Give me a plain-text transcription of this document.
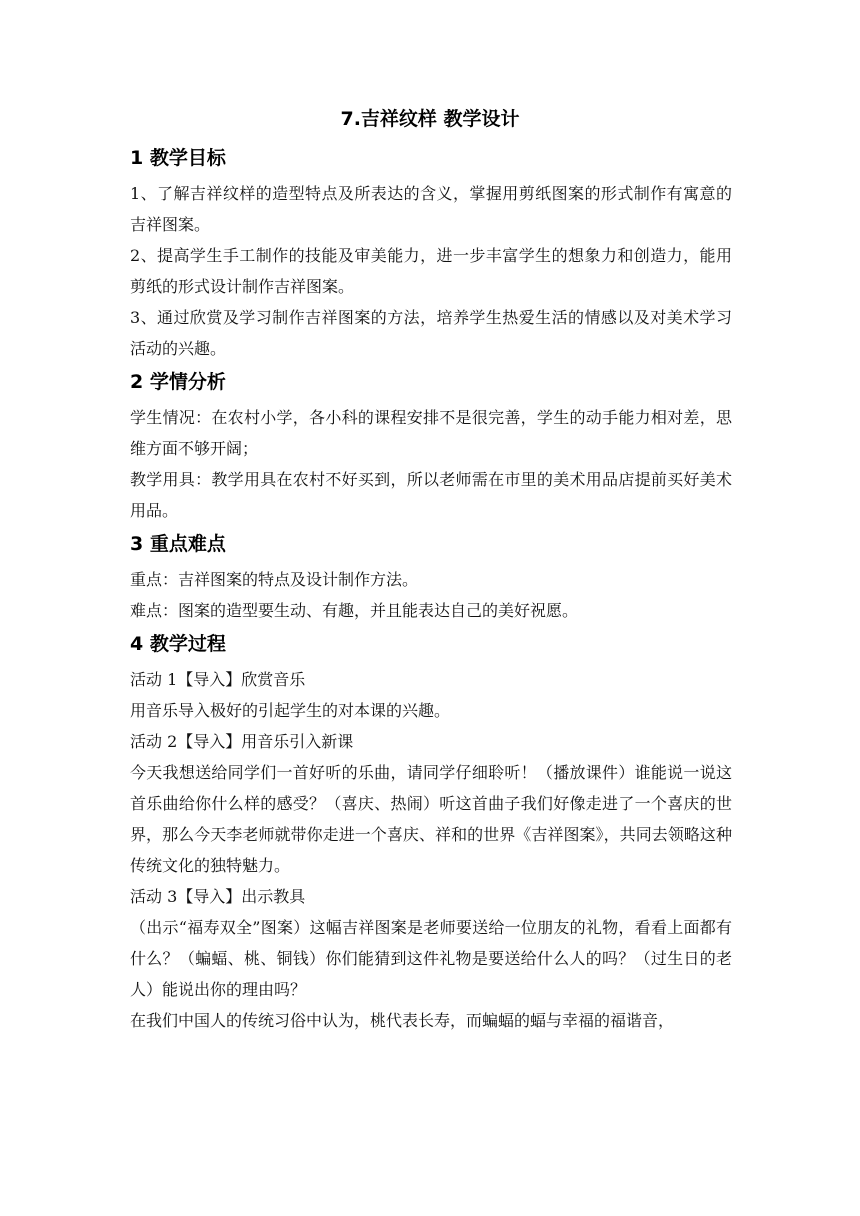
7.吉祥纹样 教学设计
1 教学目标

1、了解吉祥纹样的造型特点及所表达的含义，掌握用剪纸图案的形式制作有寓意的吉祥图案。

2、提高学生手工制作的技能及审美能力，进一步丰富学生的想象力和创造力，能用剪纸的形式设计制作吉祥图案。

3、通过欣赏及学习制作吉祥图案的方法，培养学生热爱生活的情感以及对美术学习活动的兴趣。

2 学情分析

学生情况：在农村小学，各小科的课程安排不是很完善，学生的动手能力相对差，思维方面不够开阔；

教学用具：教学用具在农村不好买到，所以老师需在市里的美术用品店提前买好美术用品。

3 重点难点

重点：吉祥图案的特点及设计制作方法。

难点：图案的造型要生动、有趣，并且能表达自己的美好祝愿。

4 教学过程

活动 1【导入】欣赏音乐

用音乐导入极好的引起学生的对本课的兴趣。

活动 2【导入】用音乐引入新课

今天我想送给同学们一首好听的乐曲，请同学仔细聆听！（播放课件）谁能说一说这首乐曲给你什么样的感受？（喜庆、热闹）听这首曲子我们好像走进了一个喜庆的世界，那么今天李老师就带你走进一个喜庆、祥和的世界《吉祥图案》，共同去领略这种传统文化的独特魅力。

活动 3【导入】出示教具

（出示“福寿双全”图案）这幅吉祥图案是老师要送给一位朋友的礼物，看看上面都有什么？（蝙蝠、桃、铜钱）你们能猜到这件礼物是要送给什么人的吗？（过生日的老人）能说出你的理由吗？

在我们中国人的传统习俗中认为，桃代表长寿，而蝙蝠的蝠与幸福的福谐音，
